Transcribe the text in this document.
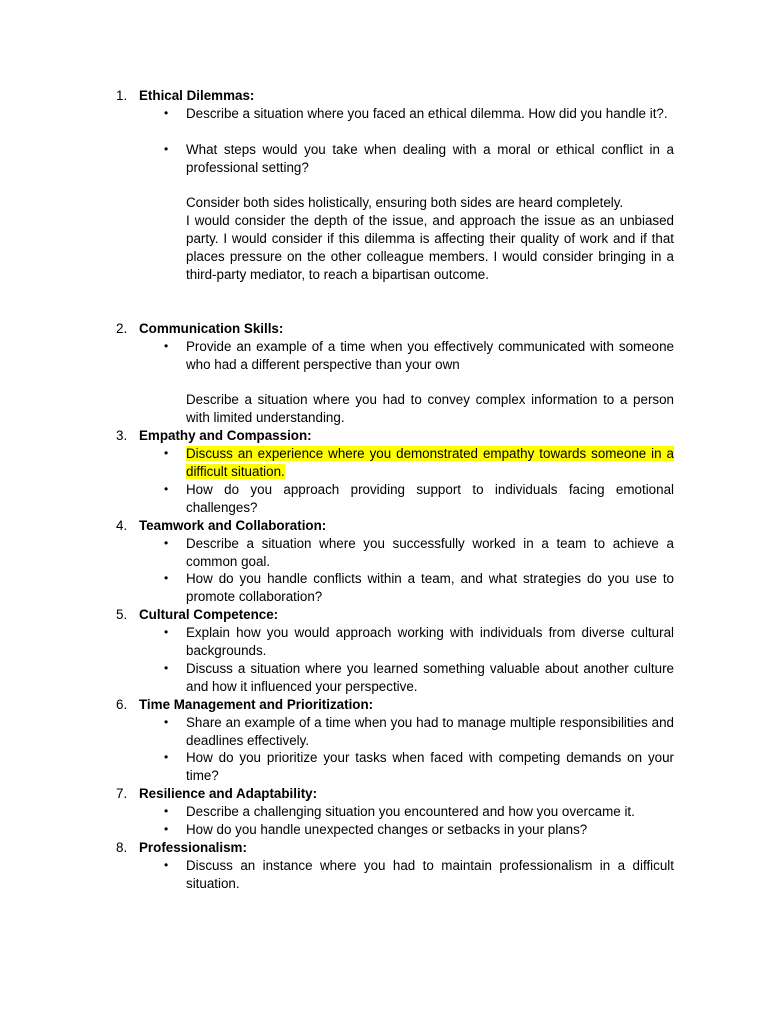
1. Ethical Dilemmas:
• Describe a situation where you faced an ethical dilemma. How did you handle it?.
• What steps would you take when dealing with a moral or ethical conflict in a professional setting?
Consider both sides holistically, ensuring both sides are heard completely.
I would consider the depth of the issue, and approach the issue as an unbiased party. I would consider if this dilemma is affecting their quality of work and if that places pressure on the other colleague members. I would consider bringing in a third-party mediator, to reach a bipartisan outcome.
2. Communication Skills:
• Provide an example of a time when you effectively communicated with someone who had a different perspective than your own
Describe a situation where you had to convey complex information to a person with limited understanding.
3. Empathy and Compassion:
• Discuss an experience where you demonstrated empathy towards someone in a difficult situation.
• How do you approach providing support to individuals facing emotional challenges?
4. Teamwork and Collaboration:
• Describe a situation where you successfully worked in a team to achieve a common goal.
• How do you handle conflicts within a team, and what strategies do you use to promote collaboration?
5. Cultural Competence:
• Explain how you would approach working with individuals from diverse cultural backgrounds.
• Discuss a situation where you learned something valuable about another culture and how it influenced your perspective.
6. Time Management and Prioritization:
• Share an example of a time when you had to manage multiple responsibilities and deadlines effectively.
• How do you prioritize your tasks when faced with competing demands on your time?
7. Resilience and Adaptability:
• Describe a challenging situation you encountered and how you overcame it.
• How do you handle unexpected changes or setbacks in your plans?
8. Professionalism:
• Discuss an instance where you had to maintain professionalism in a difficult situation.
